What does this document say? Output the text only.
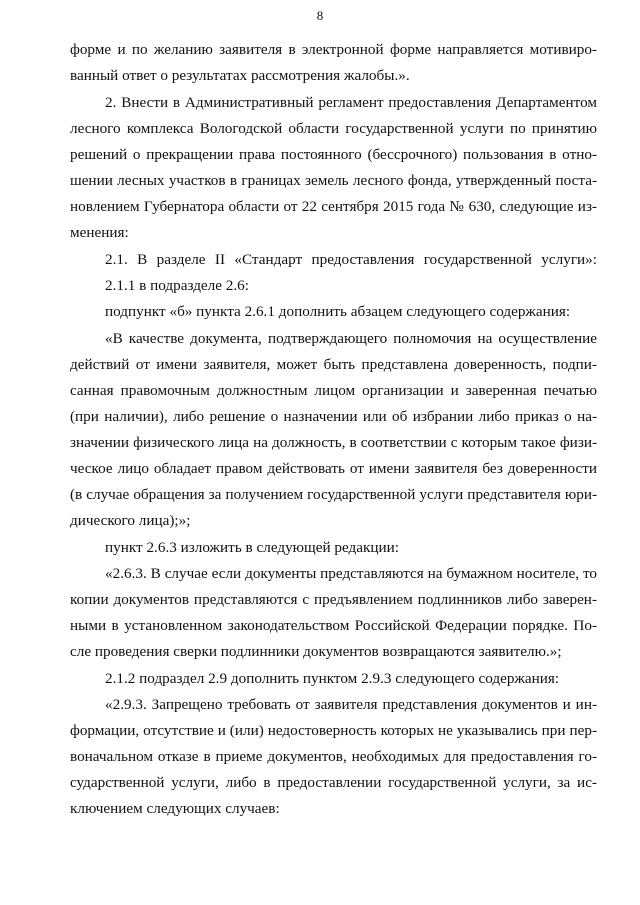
8
форме и по желанию заявителя в электронной форме направляется мотивиро-
ванный ответ о результатах рассмотрения жалобы.».
2. Внести в Административный регламент предоставления Департаментом
лесного комплекса Вологодской области государственной услуги по принятию
решений о прекращении права постоянного (бессрочного) пользования в отно-
шении лесных участков в границах земель лесного фонда, утвержденный поста-
новлением Губернатора области от 22 сентября 2015 года № 630, следующие из-
менения:
2.1. В разделе II «Стандарт предоставления государственной услуги»:
2.1.1 в подразделе 2.6:
подпункт «б» пункта 2.6.1 дополнить абзацем следующего содержания:
«В качестве документа, подтверждающего полномочия на осуществление
действий от имени заявителя, может быть представлена доверенность, подпи-
санная правомочным должностным лицом организации и заверенная печатью
(при наличии), либо решение о назначении или об избрании либо приказ о на-
значении физического лица на должность, в соответствии с которым такое физи-
ческое лицо обладает правом действовать от имени заявителя без доверенности
(в случае обращения за получением государственной услуги представителя юри-
дического лица);»;
пункт 2.6.3 изложить в следующей редакции:
«2.6.3. В случае если документы представляются на бумажном носителе, то
копии документов представляются с предъявлением подлинников либо заверен-
ными в установленном законодательством Российской Федерации порядке. По-
сле проведения сверки подлинники документов возвращаются заявителю.»;
2.1.2 подраздел 2.9 дополнить пунктом 2.9.3 следующего содержания:
«2.9.3. Запрещено требовать от заявителя представления документов и ин-
формации, отсутствие и (или) недостоверность которых не указывались при пер-
воначальном отказе в приеме документов, необходимых для предоставления го-
сударственной услуги, либо в предоставлении государственной услуги, за ис-
ключением следующих случаев:
